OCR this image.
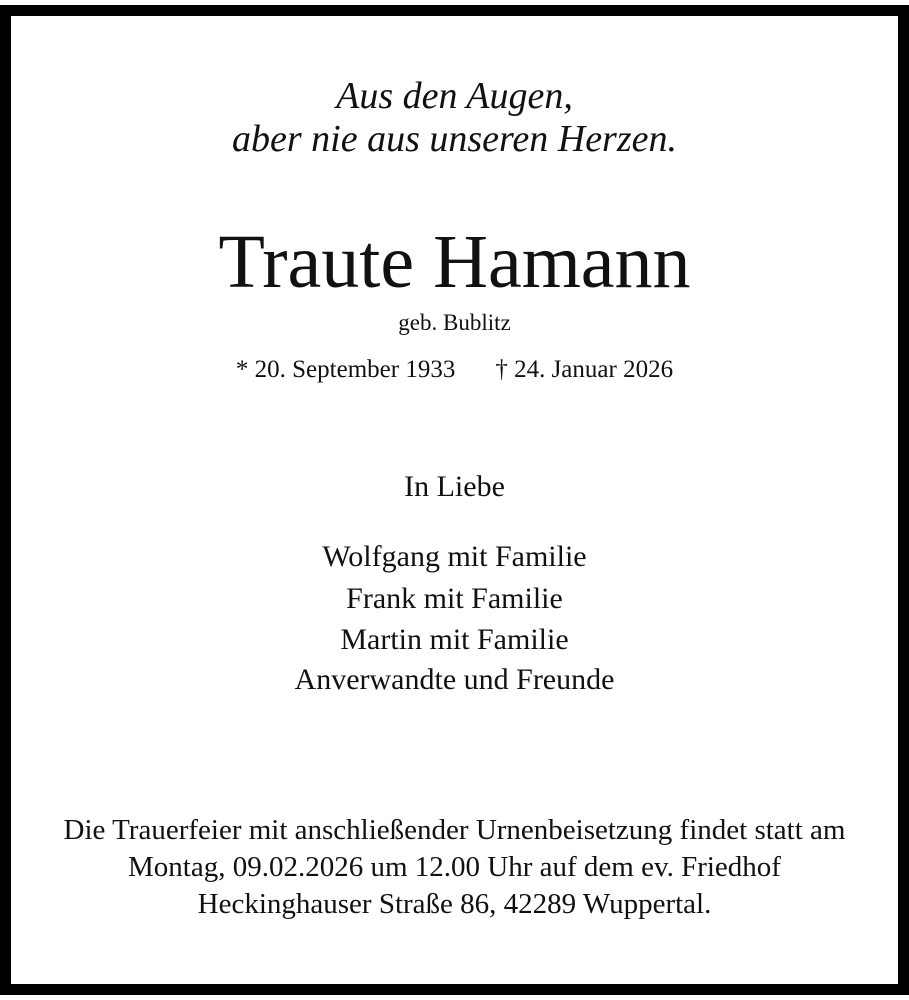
Aus den Augen,
aber nie aus unseren Herzen.
Traute Hamann
geb. Bublitz
* 20. September 1933 † 24. Januar 2026
In Liebe
Wolfgang mit Familie
Frank mit Familie
Martin mit Familie
Anverwandte und Freunde
Die Trauerfeier mit anschließender Urnenbeisetzung findet statt am
Montag, 09.02.2026 um 12.00 Uhr auf dem ev. Friedhof
Heckinghauser Straße 86, 42289 Wuppertal.
